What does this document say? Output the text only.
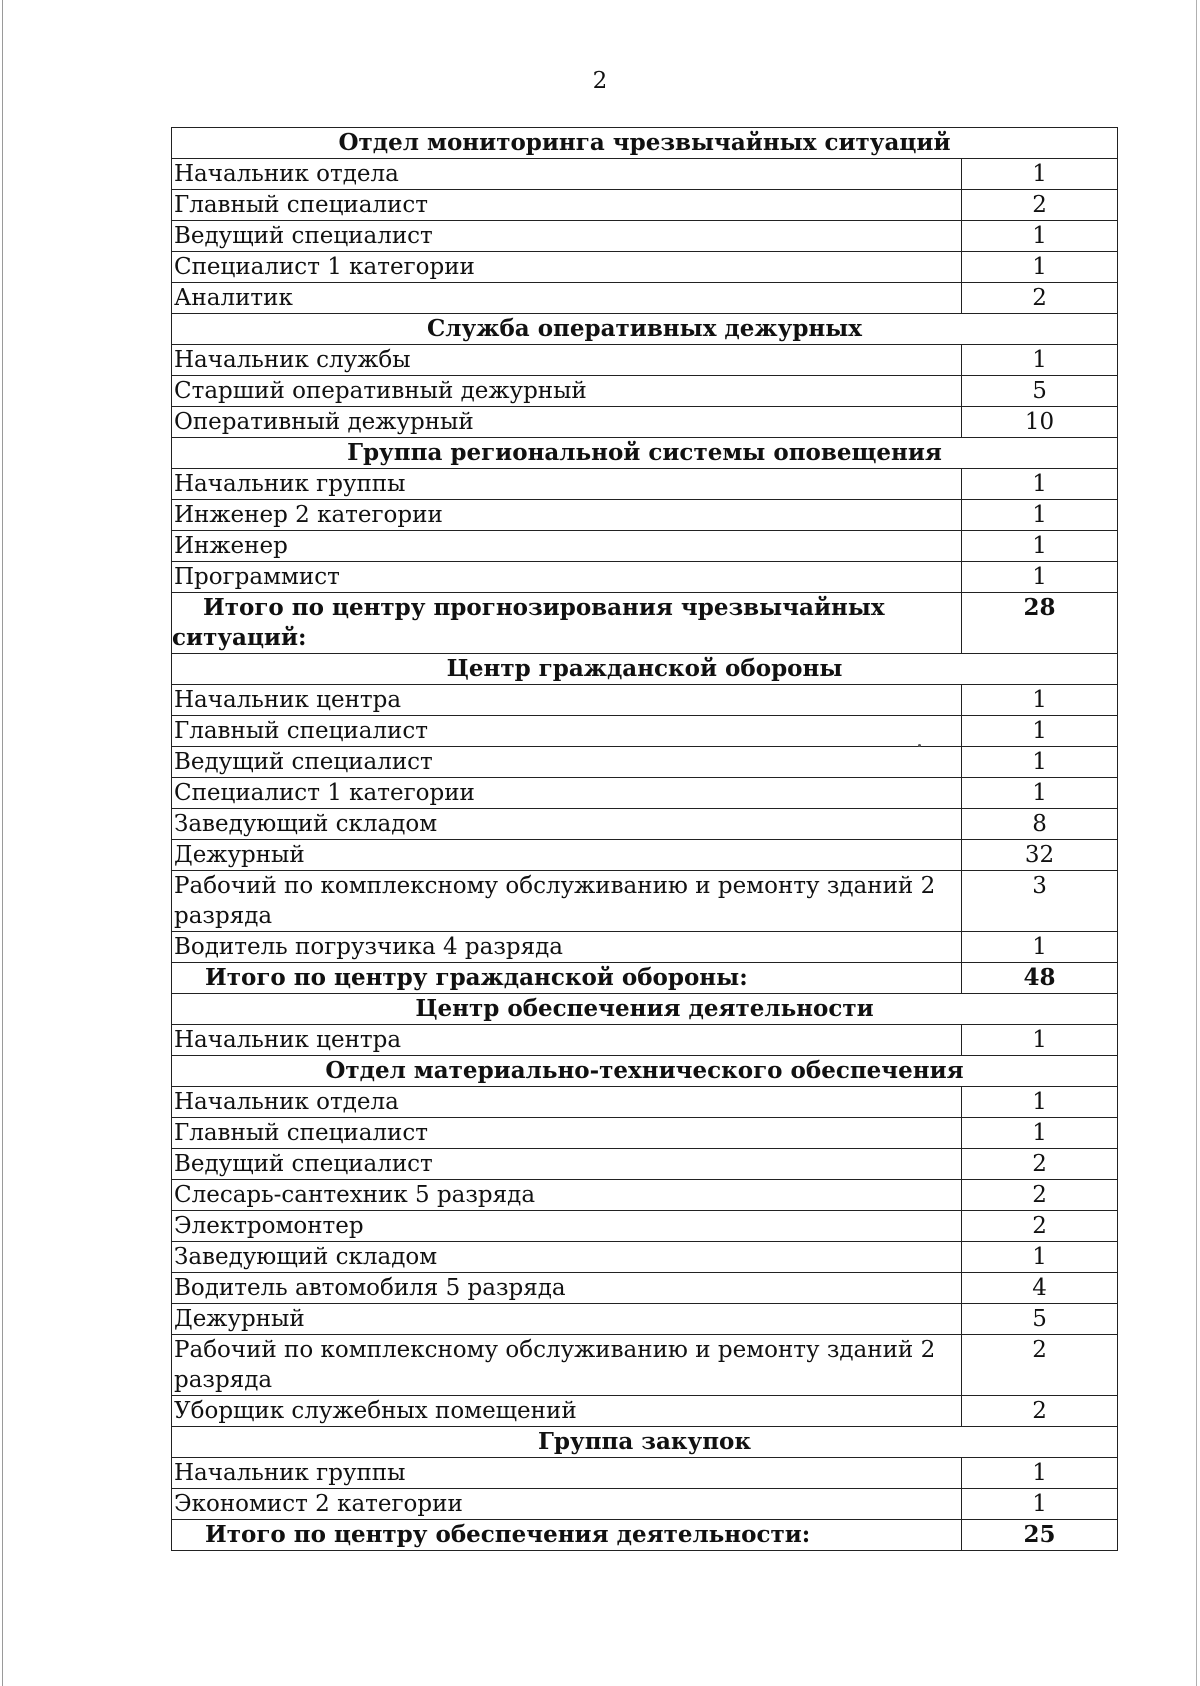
2
Отдел мониторинга чрезвычайных ситуаций	
Начальник отдела	1
Главный специалист	2
Ведущий специалист	1
Специалист 1 категории	1
Аналитик	2
Служба оперативных дежурных	
Начальник службы	1
Старший оперативный дежурный	5
Оперативный дежурный	10
Группа региональной системы оповещения	
Начальник группы	1
Инженер 2 категории	1
Инженер	1
Программист	1
Итого по центру прогнозирования чрезвычайных ситуаций:	28
Центр гражданской обороны	
Начальник центра	1
Главный специалист	1
Ведущий специалист	1
Специалист 1 категории	1
Заведующий складом	8
Дежурный	32
Рабочий по комплексному обслуживанию и ремонту зданий 2 разряда	3
Водитель погрузчика 4 разряда	1
Итого по центру гражданской обороны:	48
Центр обеспечения деятельности	
Начальник центра	1
Отдел материально-технического обеспечения	
Начальник отдела	1
Главный специалист	1
Ведущий специалист	2
Слесарь-сантехник 5 разряда	2
Электромонтер	2
Заведующий складом	1
Водитель автомобиля 5 разряда	4
Дежурный	5
Рабочий по комплексному обслуживанию и ремонту зданий 2 разряда	2
Уборщик служебных помещений	2
Группа закупок	
Начальник группы	1
Экономист 2 категории	1
Итого по центру обеспечения деятельности:	25
